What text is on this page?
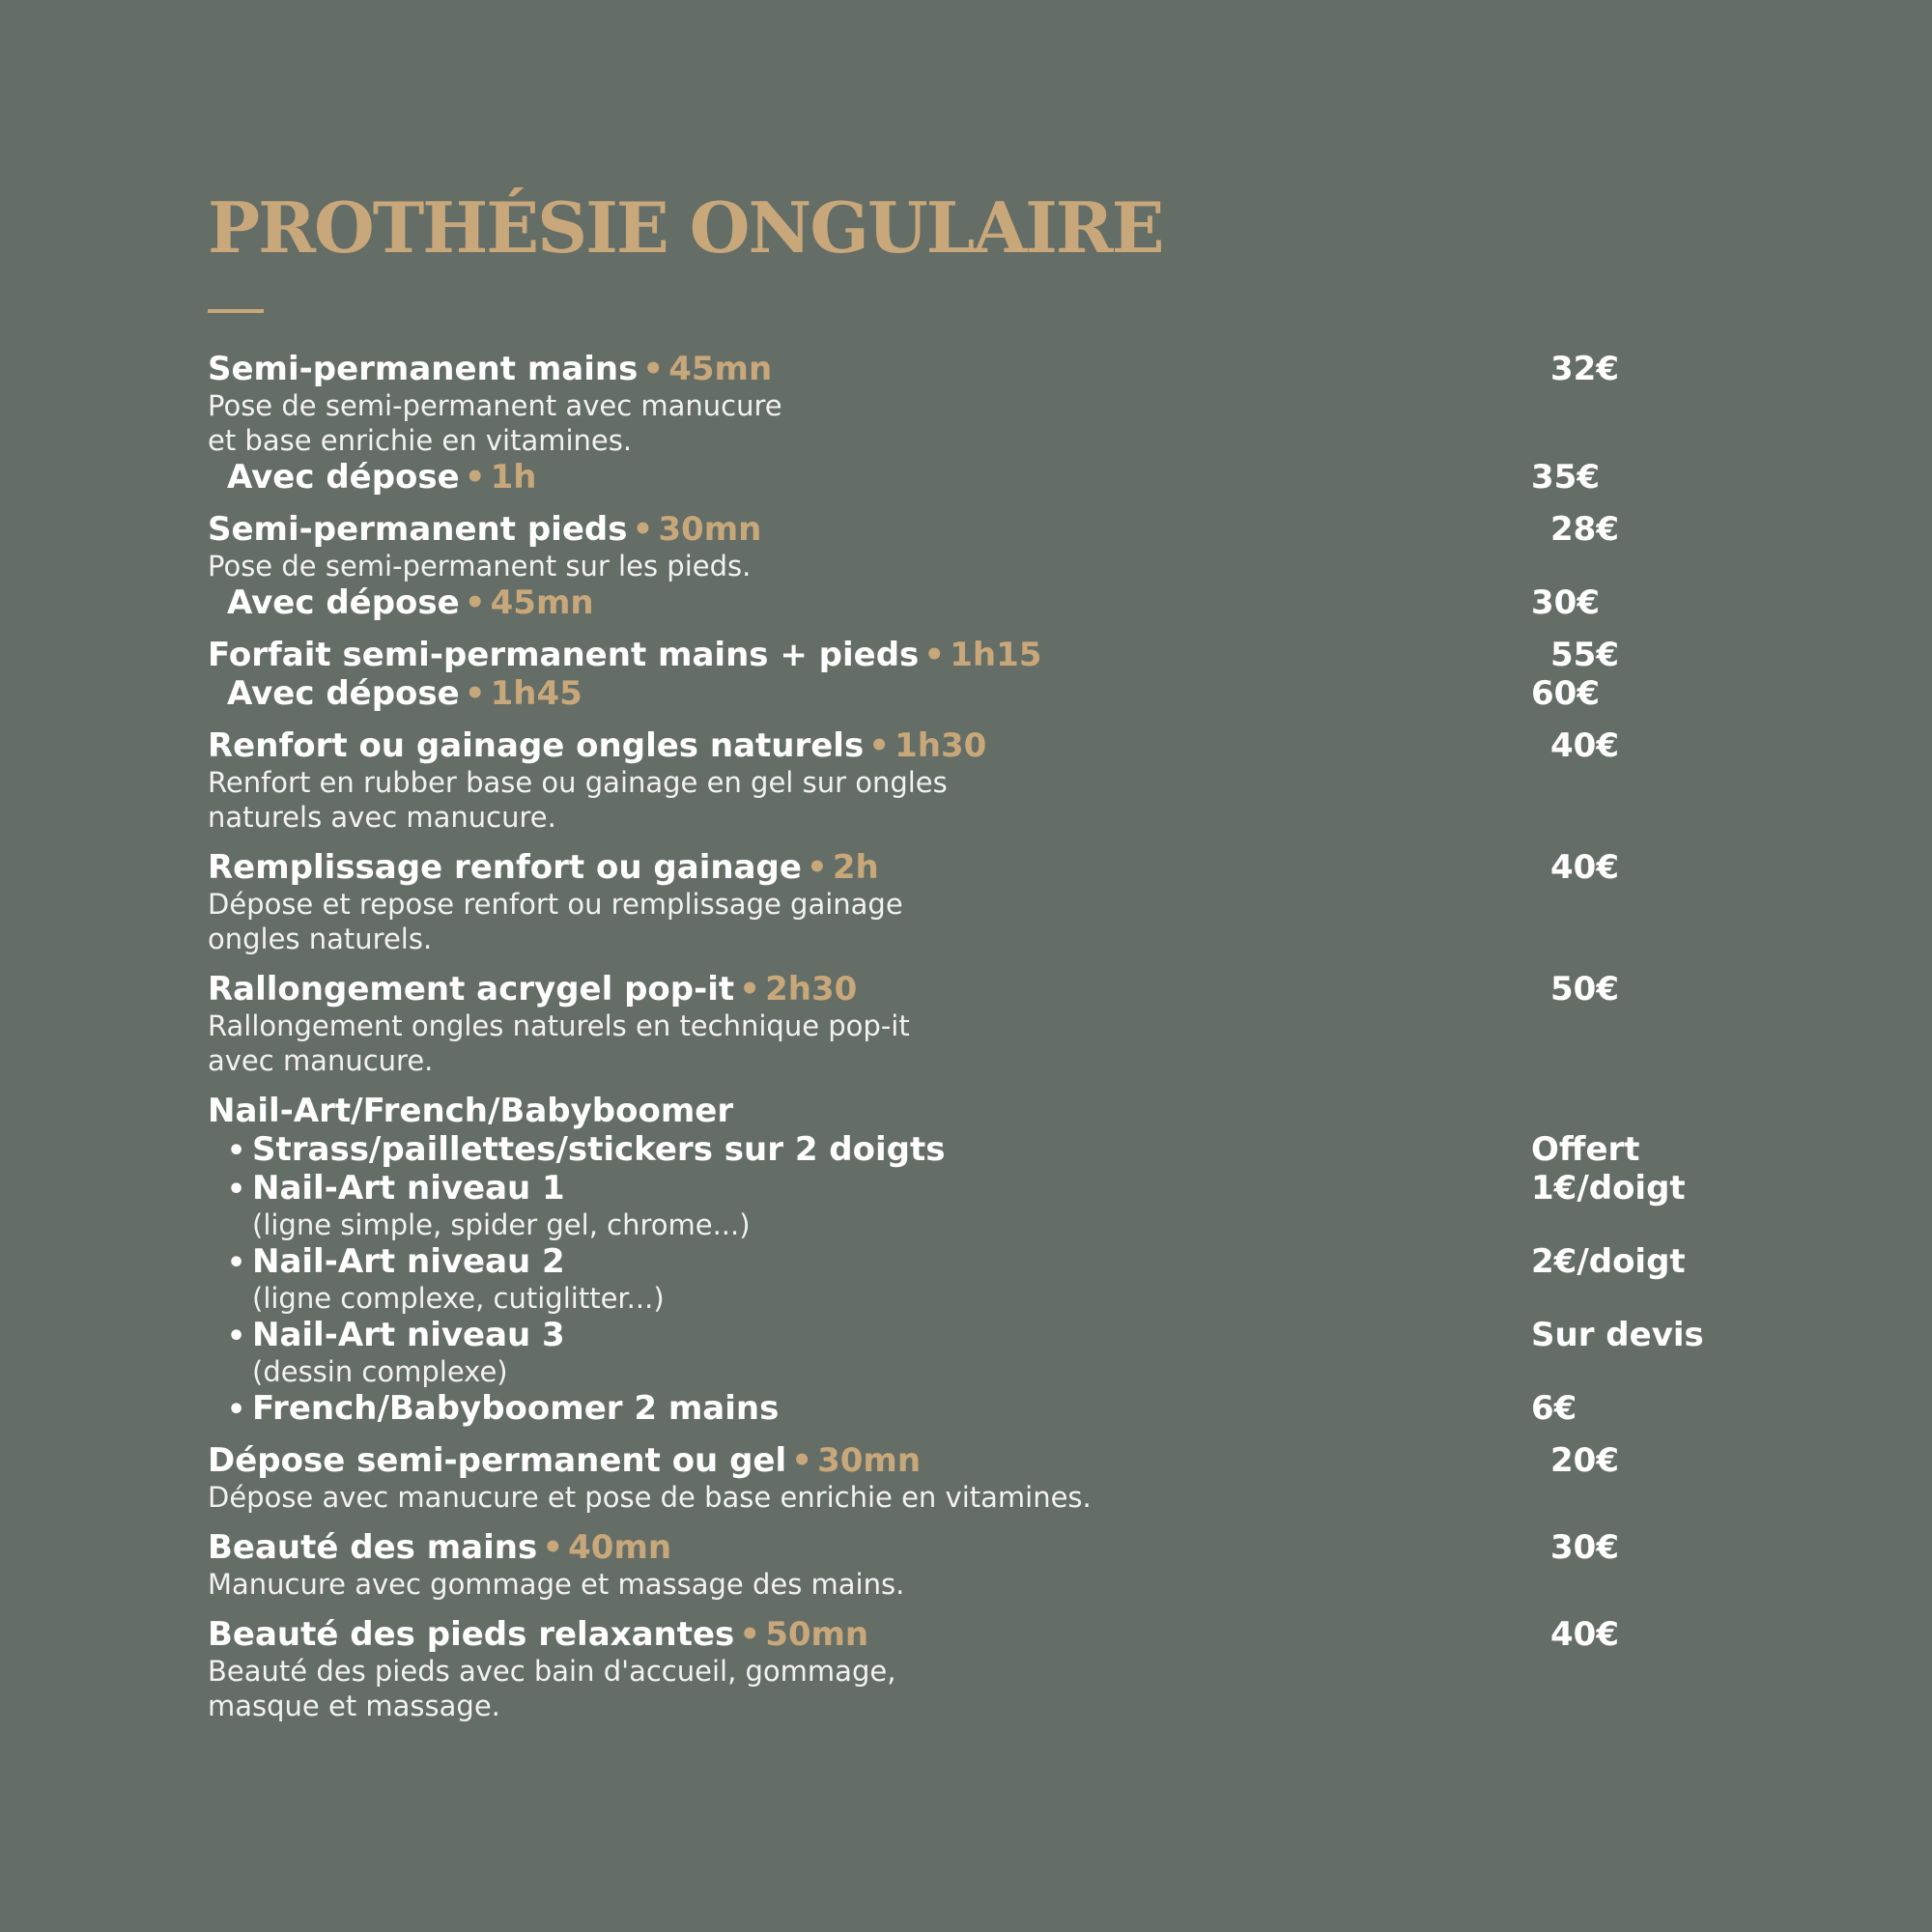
PROTHÉSIE ONGULAIRE
Semi-permanent mains • 45mn	32€

Pose de semi-permanent avec manucure

et base enrichie en vitamines.

Avec dépose • 1h	35€
Semi-permanent pieds • 30mn	28€

Pose de semi-permanent sur les pieds.

Avec dépose • 45mn	30€
Forfait semi-permanent mains + pieds • 1h15	55€
Avec dépose • 1h45	60€
Renfort ou gainage ongles naturels • 1h30	40€

Renfort en rubber base ou gainage en gel sur ongles

naturels avec manucure.

Remplissage renfort ou gainage • 2h	40€

Dépose et repose renfort ou remplissage gainage

ongles naturels.

Rallongement acrygel pop-it • 2h30	50€

Rallongement ongles naturels en technique pop-it

avec manucure.

Nail-Art/French/Babyboomer
• Strass/paillettes/stickers sur 2 doigts	Offert
• Nail-Art niveau 1	1€/doigt
(ligne simple, spider gel, chrome...)
• Nail-Art niveau 2	2€/doigt
(ligne complexe, cutiglitter...)
• Nail-Art niveau 3	Sur devis
(dessin complexe)
• French/Babyboomer 2 mains	6€
Dépose semi-permanent ou gel • 30mn	20€

Dépose avec manucure et pose de base enrichie en vitamines.

Beauté des mains • 40mn	30€

Manucure avec gommage et massage des mains.

Beauté des pieds relaxantes • 50mn	40€

Beauté des pieds avec bain d'accueil, gommage,

masque et massage.
